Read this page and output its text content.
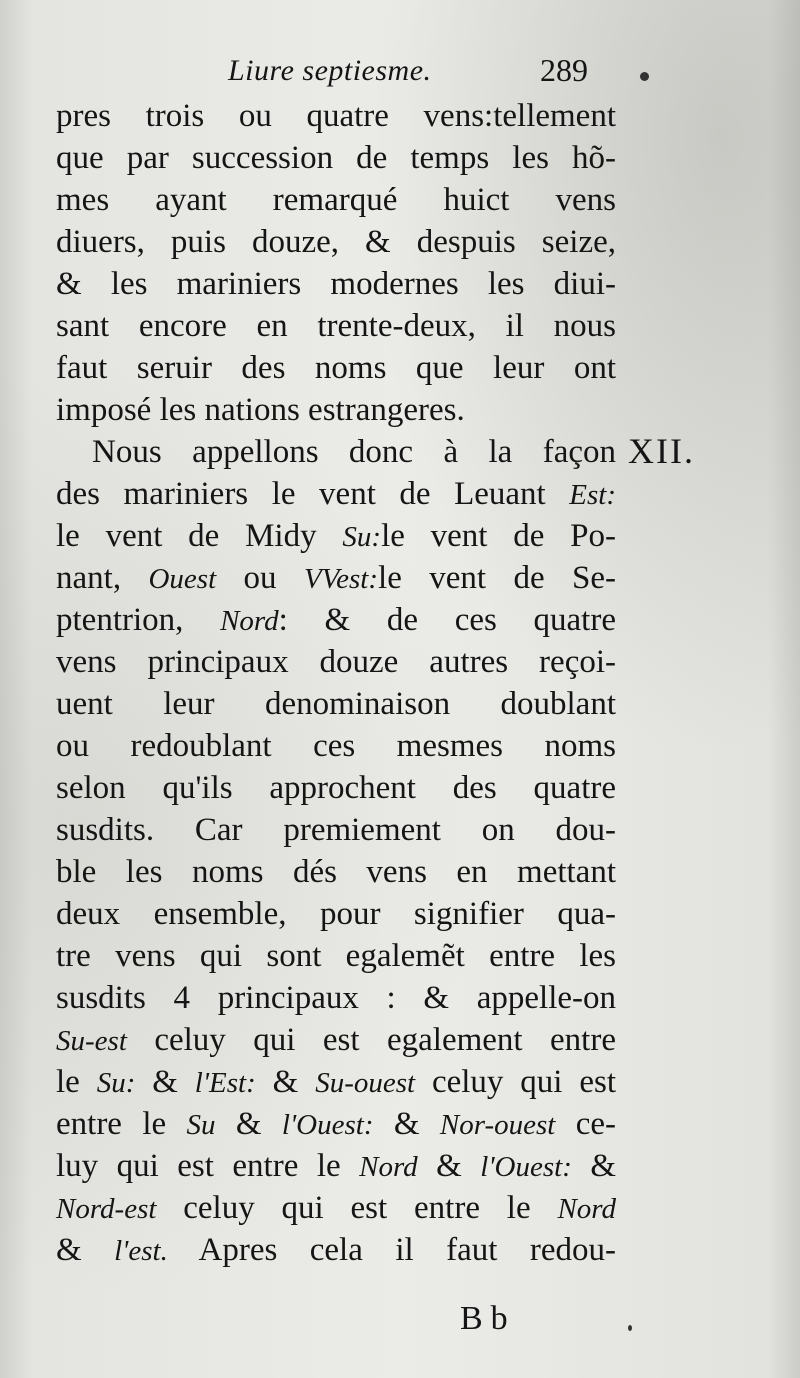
Liure septiesme.	289
pres trois ou quatre vens:tellement
que par succession de temps les hõ-
mes ayant remarqué huict vens
diuers, puis douze, & despuis seize,
& les mariniers modernes les diui-
sant encore en trente-deux, il nous
faut seruir des noms que leur ont
imposé les nations estrangeres.
Nous appellons donc à la façon
des mariniers le vent de Leuant Est:
le vent de Midy Su:le vent de Po-
nant, Ouest ou VVest:le vent de Se-
ptentrion, Nord: & de ces quatre
vens principaux douze autres reçoi-
uent leur denominaison doublant
ou redoublant ces mesmes noms
selon qu'ils approchent des quatre
susdits. Car premiement on dou-
ble les noms dés vens en mettant
deux ensemble, pour signifier qua-
tre vens qui sont egalemẽt entre les
susdits 4 principaux : & appelle-on
Su-est celuy qui est egalement entre
le Su: & l'Est: & Su-ouest celuy qui est
entre le Su & l'Ouest: & Nor-ouest ce-
luy qui est entre le Nord & l'Ouest: &
Nord-est celuy qui est entre le Nord
& l'est. Apres cela il faut redou-
XII.
Bb
